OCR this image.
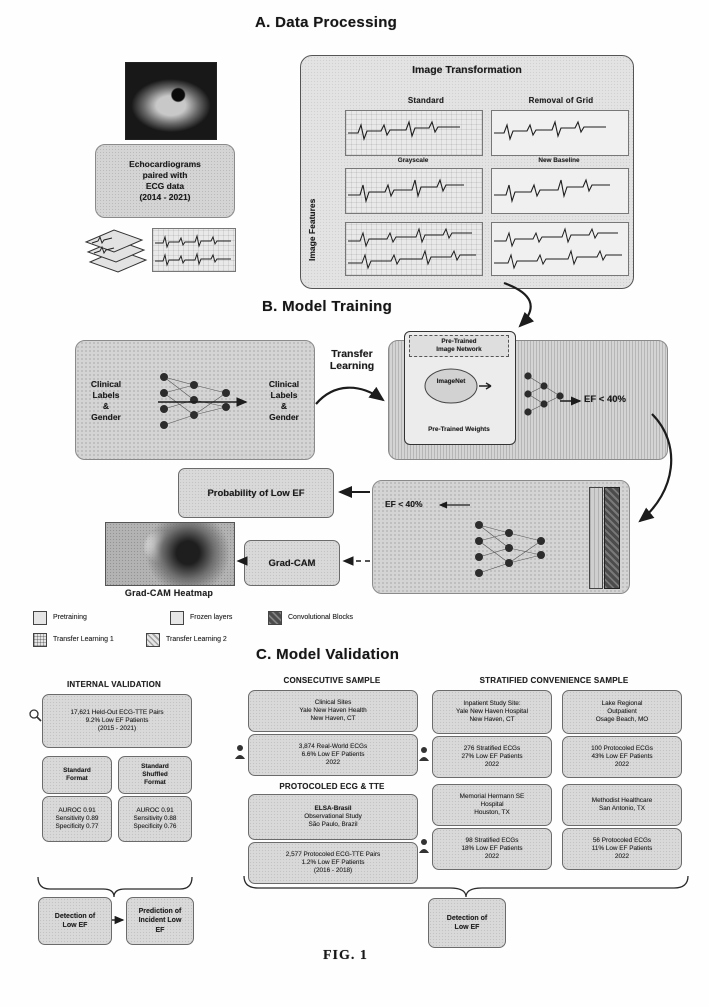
A. Data Processing
Echocardiograms
paired with
ECG data
(2014 - 2021)
Image Transformation
Image Features
Standard	Removal of Grid
Grayscale	New Baseline
B. Model Training
Clinical
Labels
&
Gender
Clinical
Labels
&
Gender
Transfer
Learning
Pre-Trained
Image Network
ImageNet
Pre-Trained Weights
EF < 40%
Probability of Low EF
EF < 40%
Grad-CAM
Grad-CAM Heatmap
Pretraining	Frozen layers	Convolutional Blocks
Transfer Learning 1	Transfer Learning 2
C. Model Validation
INTERNAL VALIDATION	CONSECUTIVE SAMPLE	STRATIFIED CONVENIENCE SAMPLE
17,621 Held-Out ECG-TTE Pairs
9.2% Low EF Patients
(2015 - 2021)
Standard
Format
Standard
Shuffled
Format
AUROC 0.91
Sensitivity 0.89
Specificity 0.77
AUROC 0.91
Sensitivity 0.88
Specificity 0.76
Detection of
Low EF
Prediction of
Incident Low
EF
Clinical Sites
Yale New Haven Health
New Haven, CT
3,874 Real-World ECGs
6.6% Low EF Patients
2022
PROTOCOLED ECG & TTE
ELSA-Brasil
Observational Study
São Paulo, Brazil
2,577 Protocoled ECG-TTE Pairs
1.2% Low EF Patients
(2016 - 2018)
Inpatient Study Site:
Yale New Haven Hospital
New Haven, CT
Lake Regional
Outpatient
Osage Beach, MO
276 Stratified ECGs
27% Low EF Patients
2022
100 Protocoled ECGs
43% Low EF Patients
2022
Memorial Hermann SE
Hospital
Houston, TX
Methodist Healthcare
San Antonio, TX
98 Stratified ECGs
18% Low EF Patients
2022
56 Protocoled ECGs
11% Low EF Patients
2022
Detection of
Low EF
FIG. 1
